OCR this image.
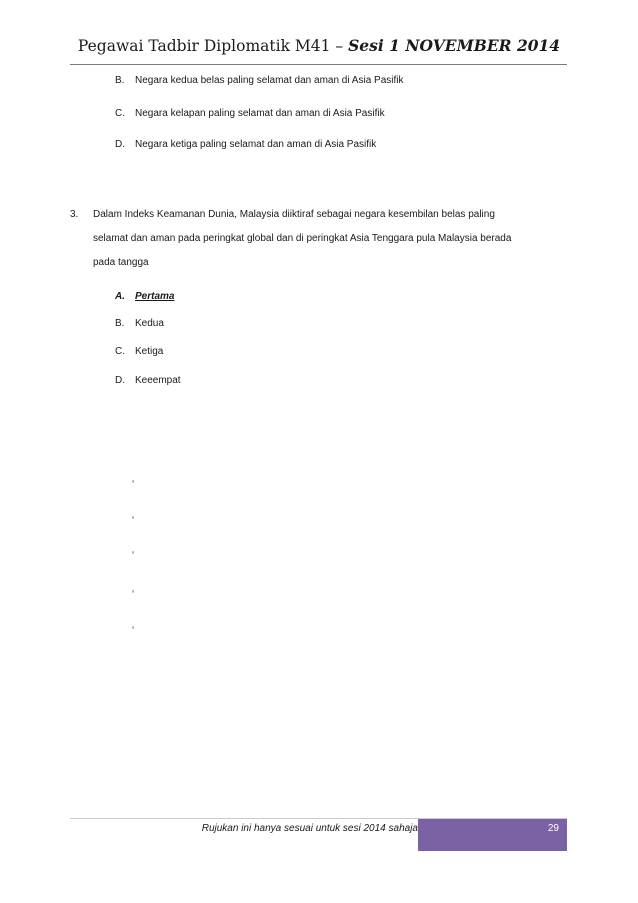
Pegawai Tadbir Diplomatik M41 – Sesi 1 NOVEMBER 2014
B. Negara kedua belas paling selamat dan aman di Asia Pasifik
C. Negara kelapan paling selamat dan aman di Asia Pasifik
D. Negara ketiga paling selamat dan aman di Asia Pasifik
3. Dalam Indeks Keamanan Dunia, Malaysia diiktiraf sebagai negara kesembilan belas paling
selamat dan aman pada peringkat global dan di peringkat Asia Tenggara pula Malaysia berada
pada tangga
A. Pertama
B. Kedua
C. Ketiga
D. Keeempat
‘
‘
‘
‘
‘
Rujukan ini hanya sesuai untuk sesi 2014 sahaja	29
